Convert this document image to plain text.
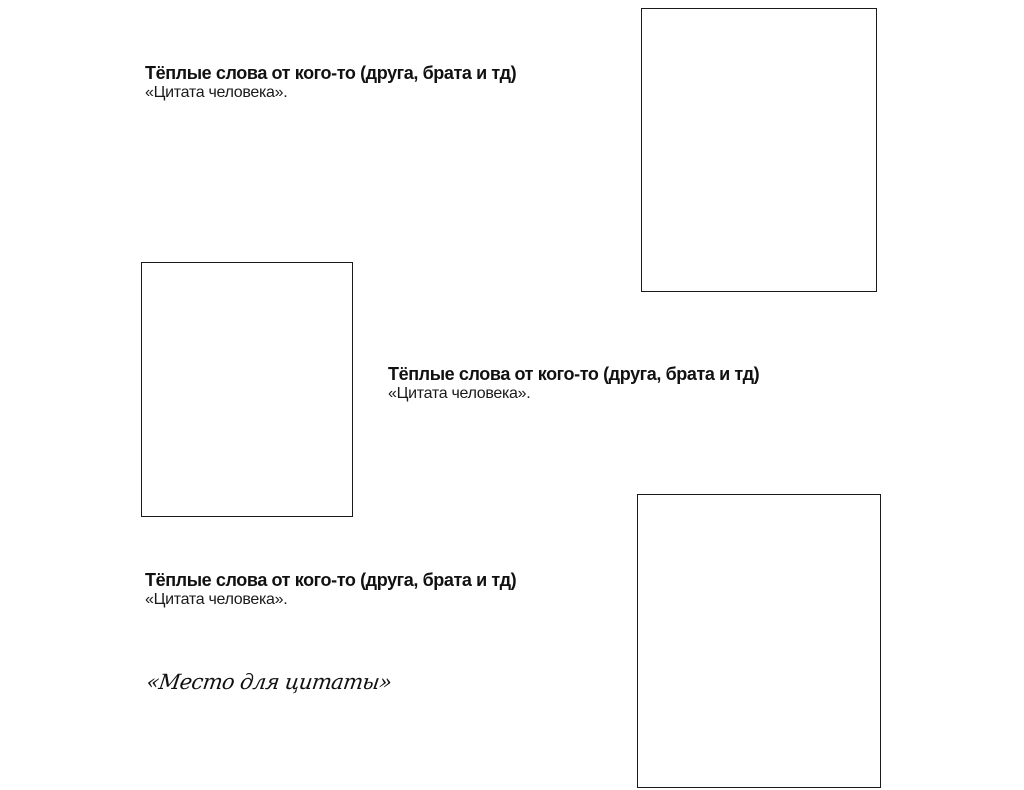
Тёплые слова от кого-то (друга, брата и тд)
«Цитата человека».
Тёплые слова от кого-то (друга, брата и тд)
«Цитата человека».
Тёплые слова от кого-то (друга, брата и тд)
«Цитата человека».
«Место для цитаты»
